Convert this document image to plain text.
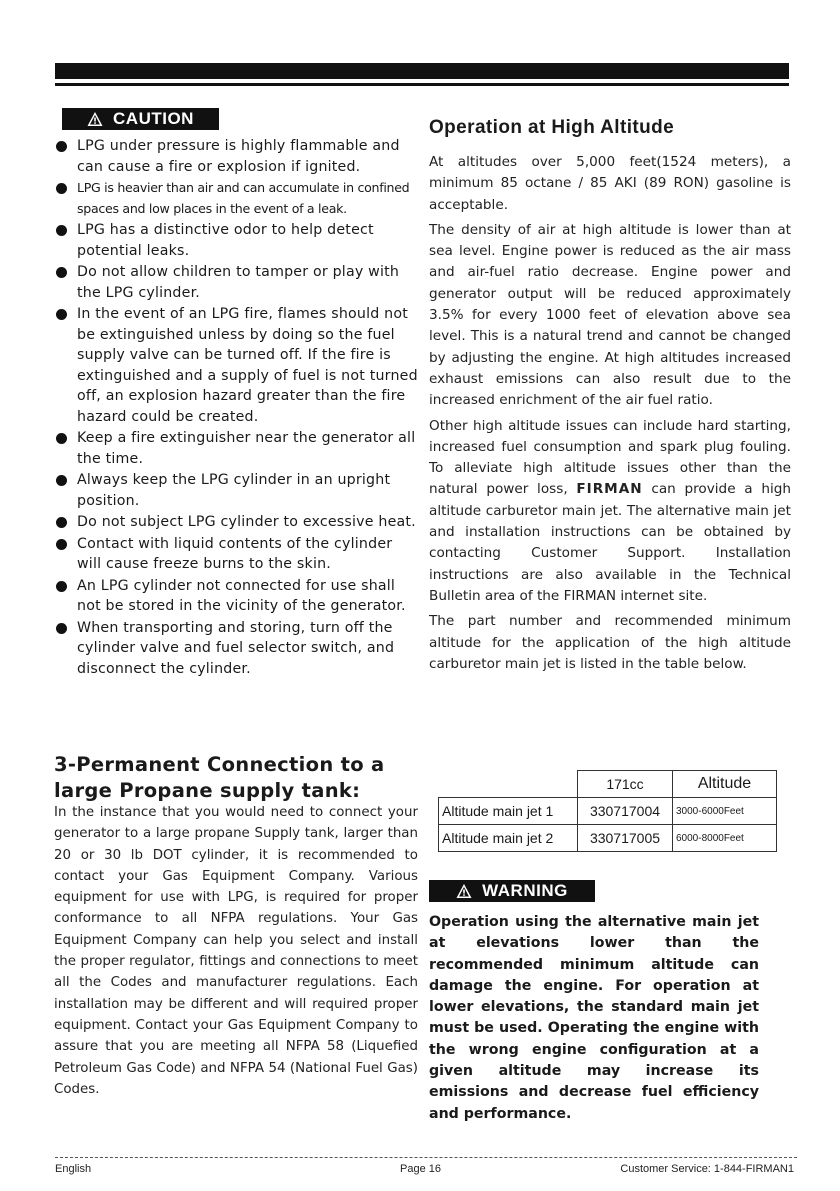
CAUTION
LPG under pressure is highly flammable and can cause a fire or explosion if ignited.
LPG is heavier than air and can accumulate in confined spaces and low places in the event of a leak.
LPG has a distinctive odor to help detect potential leaks.
Do not allow children to tamper or play with the LPG cylinder.
In the event of an LPG fire, flames should not be extinguished unless by doing so the fuel supply valve can be turned off. If the fire is extinguished and a supply of fuel is not turned off, an explosion hazard greater than the fire hazard could be created.
Keep a fire extinguisher near the generator all the time.
Always keep the LPG cylinder in an upright position.
Do not subject LPG cylinder to excessive heat.
Contact with liquid contents of the cylinder will cause freeze burns to the skin.
An LPG cylinder not connected for use shall not be stored in the vicinity of the generator.
When transporting and storing, turn off the cylinder valve and fuel selector switch, and disconnect the cylinder.
3-Permanent Connection to a large Propane supply tank:
In the instance that you would need to connect your generator to a large propane Supply tank, larger than 20 or 30 lb DOT cylinder, it is recommended to contact your Gas Equipment Company. Various equipment for use with LPG, is required for proper conformance to all NFPA regulations. Your Gas Equipment Company can help you select and install the proper regulator, fittings and connections to meet all the Codes and manufacturer regulations. Each installation may be different and will required proper equipment. Contact your Gas Equipment Company to assure that you are meeting all NFPA 58 (Liquefied Petroleum Gas Code) and NFPA 54 (National Fuel Gas) Codes.
Operation at High Altitude

At altitudes over 5,000 feet(1524 meters), a minimum 85 octane / 85 AKI (89 RON) gasoline is acceptable.

The density of air at high altitude is lower than at sea level. Engine power is reduced as the air mass and air-fuel ratio decrease. Engine power and generator output will be reduced approximately 3.5% for every 1000 feet of elevation above sea level. This is a natural trend and cannot be changed by adjusting the engine. At high altitudes increased exhaust emissions can also result due to the increased enrichment of the air fuel ratio.

Other high altitude issues can include hard starting, increased fuel consumption and spark plug fouling. To alleviate high altitude issues other than the natural power loss, FIRMAN can provide a high altitude carburetor main jet. The alternative main jet and installation instructions can be obtained by contacting Customer Support. Installation instructions are also available in the Technical Bulletin area of the FIRMAN internet site.

The part number and recommended minimum altitude for the application of the high altitude carburetor main jet is listed in the table below.

	171cc	Altitude
Altitude main jet 1	330717004	3000-6000Feet
Altitude main jet 2	330717005	6000-8000Feet
WARNING
Operation using the alternative main jet at elevations lower than the recommended minimum altitude can damage the engine. For operation at lower elevations, the standard main jet must be used. Operating the engine with the wrong engine configuration at a given altitude may increase its emissions and decrease fuel efficiency and performance.
English	Page 16	Customer Service: 1-844-FIRMAN1
